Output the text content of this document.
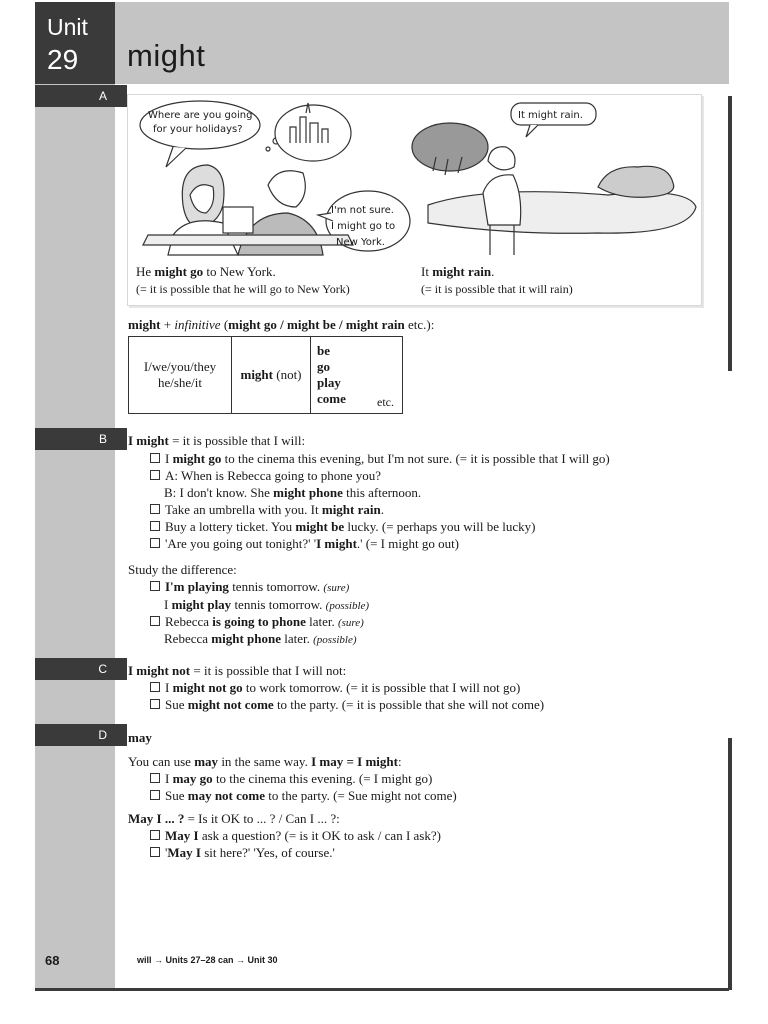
Unit
29 might
A
B
C
D
Where are you going
for your holidays?
I'm not sure.
I might go to
New York.
It might rain.
He might go to New York.
(= it is possible that he will go to New York)
It might rain.
(= it is possible that it will rain)
might + infinitive (might go / might be / might rain etc.):
I/we/you/they
he/she/it
	might (not)	
be
go
play
come	etc.
I might = it is possible that I will:
I might go to the cinema this evening, but I'm not sure. (= it is possible that I will go)
A: When is Rebecca going to phone you?
B: I don't know. She might phone this afternoon.
Take an umbrella with you. It might rain.
Buy a lottery ticket. You might be lucky. (= perhaps you will be lucky)
'Are you going out tonight?' 'I might.' (= I might go out)
Study the difference:
I'm playing tennis tomorrow. (sure)
I might play tennis tomorrow. (possible)
Rebecca is going to phone later. (sure)
Rebecca might phone later. (possible)
I might not = it is possible that I will not:
I might not go to work tomorrow. (= it is possible that I will not go)
Sue might not come to the party. (= it is possible that she will not come)
may
You can use may in the same way. I may = I might:
I may go to the cinema this evening. (= I might go)
Sue may not come to the party. (= Sue might not come)
May I ... ? = Is it OK to ... ? / Can I ... ?:
May I ask a question? (= is it OK to ask / can I ask?)
'May I sit here?' 'Yes, of course.'
68	will → Units 27–28 can → Unit 30
